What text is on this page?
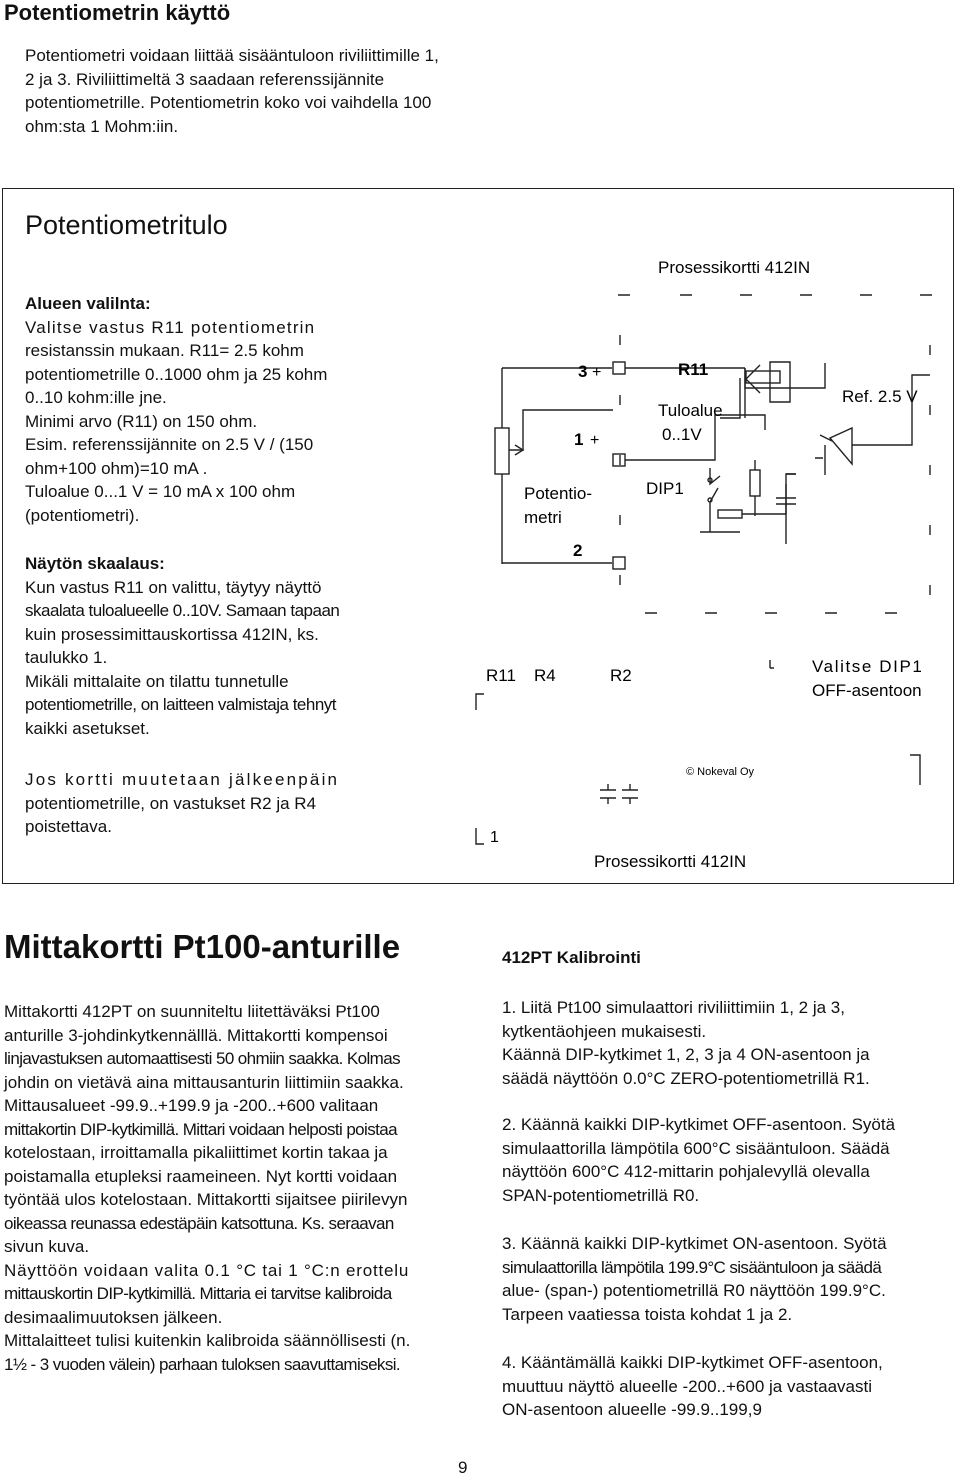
Potentiometrin käyttö

Potentiometri voidaan liittää sisääntuloon riviliittimille 1,

2 ja 3. Riviliittimeltä 3 saadaan referenssijännite

potentiometrille. Potentiometrin koko voi vaihdella 100

ohm:sta 1 Mohm:iin.

Potentiometritulo

Alueen valilnta:

Valitse vastus R11 potentiometrin

resistanssin mukaan. R11= 2.5 kohm

potentiometrille 0..1000 ohm ja 25 kohm

0..10 kohm:ille jne.

Minimi arvo (R11) on 150 ohm.

Esim. referenssijännite on 2.5 V / (150

ohm+100 ohm)=10 mA .

Tuloalue 0...1 V = 10 mA x 100 ohm

(potentiometri).

Näytön skaalaus:

Kun vastus R11 on valittu, täytyy näyttö

skaalata tuloalueelle 0..10V. Samaan tapaan

kuin prosessimittauskortissa 412IN, ks.

taulukko 1.

Mikäli mittalaite on tilattu tunnetulle

potentiometrille, on laitteen valmistaja tehnyt

kaikki asetukset.

Jos kortti muutetaan jälkeenpäin

potentiometrille, on vastukset R2 ja R4

poistettava.

Prosessikortti 412IN
3 +
1 +
2
Potentio-
metri
R11
Tuloalue
0..1V
DIP1
Ref. 2.5 V
R11 R4	R2	Valitse DIP1
OFF-asentoon
© Nokeval Oy
1
Prosessikortti 412IN
Mittakortti Pt100-anturille

Mittakortti 412PT on suunniteltu liitettäväksi Pt100

anturille 3-johdinkytkennälllä. Mittakortti kompensoi

linjavastuksen automaattisesti 50 ohmiin saakka. Kolmas

johdin on vietävä aina mittausanturin liittimiin saakka.

Mittausalueet -99.9..+199.9 ja -200..+600 valitaan

mittakortin DIP-kytkimillä. Mittari voidaan helposti poistaa

kotelostaan, irroittamalla pikaliittimet kortin takaa ja

poistamalla etupleksi raameineen. Nyt kortti voidaan

työntää ulos kotelostaan. Mittakortti sijaitsee piirilevyn

oikeassa reunassa edestäpäin katsottuna. Ks. seraavan

sivun kuva.

Näyttöön voidaan valita 0.1 °C tai 1 °C:n erottelu

mittauskortin DIP-kytkimillä. Mittaria ei tarvitse kalibroida

desimaalimuutoksen jälkeen.

Mittalaitteet tulisi kuitenkin kalibroida säännöllisesti (n.

1½ - 3 vuoden välein) parhaan tuloksen saavuttamiseksi.

412PT Kalibrointi

1. Liitä Pt100 simulaattori riviliittimiin 1, 2 ja 3,

kytkentäohjeen mukaisesti.

Käännä DIP-kytkimet 1, 2, 3 ja 4 ON-asentoon ja

säädä näyttöön 0.0°C ZERO-potentiometrillä R1.

2. Käännä kaikki DIP-kytkimet OFF-asentoon. Syötä

simulaattorilla lämpötila 600°C sisääntuloon. Säädä

näyttöön 600°C 412-mittarin pohjalevyllä olevalla

SPAN-potentiometrillä R0.

3. Käännä kaikki DIP-kytkimet ON-asentoon. Syötä

simulaattorilla lämpötila 199.9°C sisääntuloon ja säädä

alue- (span-) potentiometrillä R0 näyttöön 199.9°C.

Tarpeen vaatiessa toista kohdat 1 ja 2.

4. Kääntämällä kaikki DIP-kytkimet OFF-asentoon,

muuttuu näyttö alueelle -200..+600 ja vastaavasti

ON-asentoon alueelle -99.9..199,9

9
